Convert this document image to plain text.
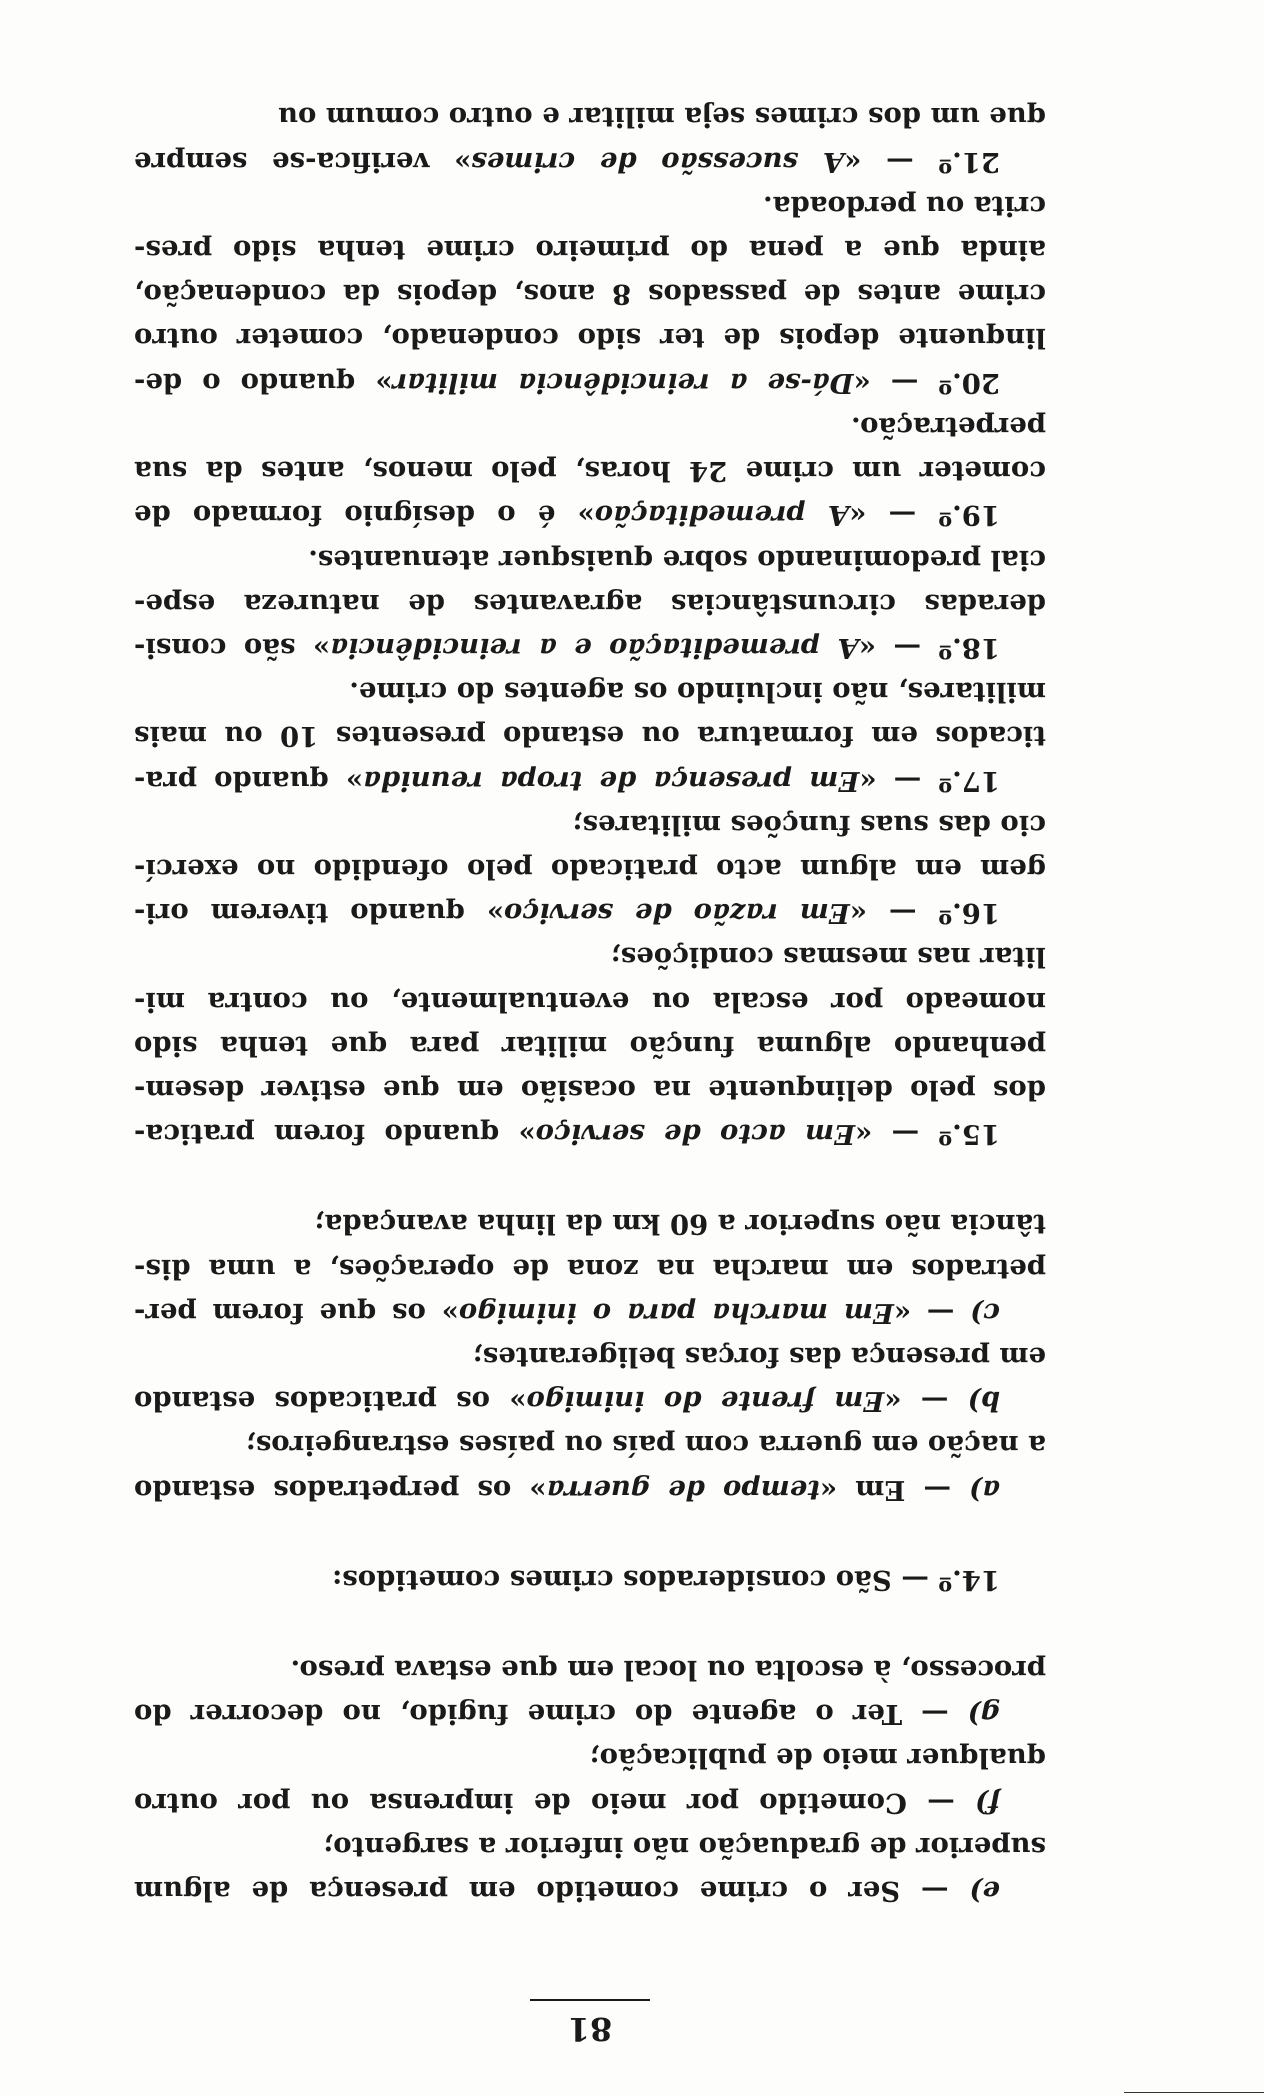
81
e) — Ser o crime cometido em presença de algum
superior de graduação não inferior a sargento;
f) — Cometido por meio de imprensa ou por outro
qualquer meio de publicação;
g) — Ter o agente do crime fugido, no decorrer do
processo, à escolta ou local em que estava preso.
14.º — São considerados crimes cometidos:
a) — Em «tempo de guerra» os perpetrados estando
a nação em guerra com país ou países estrangeiros;
b) — «Em frente do inimigo» os praticados estando
em presença das forças beligerantes;
c) — «Em marcha para o inimigo» os que forem per-
petrados em marcha na zona de operações, a uma dis-
tância não superior a 60 km da linha avançada;
15.º — «Em acto de serviço» quando forem pratica-
dos pelo delinquente na ocasião em que estiver desem-
penhando alguma função militar para que tenha sido
nomeado por escala ou eventualmente, ou contra mi-
litar nas mesmas condições;
16.º — «Em razão de serviço» quando tiverem ori-
gem em algum acto praticado pelo ofendido no exercí-
cio das suas funções militares;
17.º — «Em presença de tropa reunida» quando pra-
ticados em formatura ou estando presentes 10 ou mais
militares, não incluindo os agentes do crime.
18.º — «A premeditação e a reincidência» são consi-
deradas circunstâncias agravantes de natureza espe-
cial predominando sobre quaisquer atenuantes.
19.º — «A premeditação» é o desígnio formado de
cometer um crime 24 horas, pelo menos, antes da sua
perpetração.
20.º — «Dá-se a reincidência militar» quando o de-
linquente depois de ter sido condenado, cometer outro
crime antes de passados 8 anos, depois da condenação,
ainda que a pena do primeiro crime tenha sido pres-
crita ou perdoada.
21.º — «A sucessão de crimes» verifica-se sempre
que um dos crimes seja militar e outro comum ou
